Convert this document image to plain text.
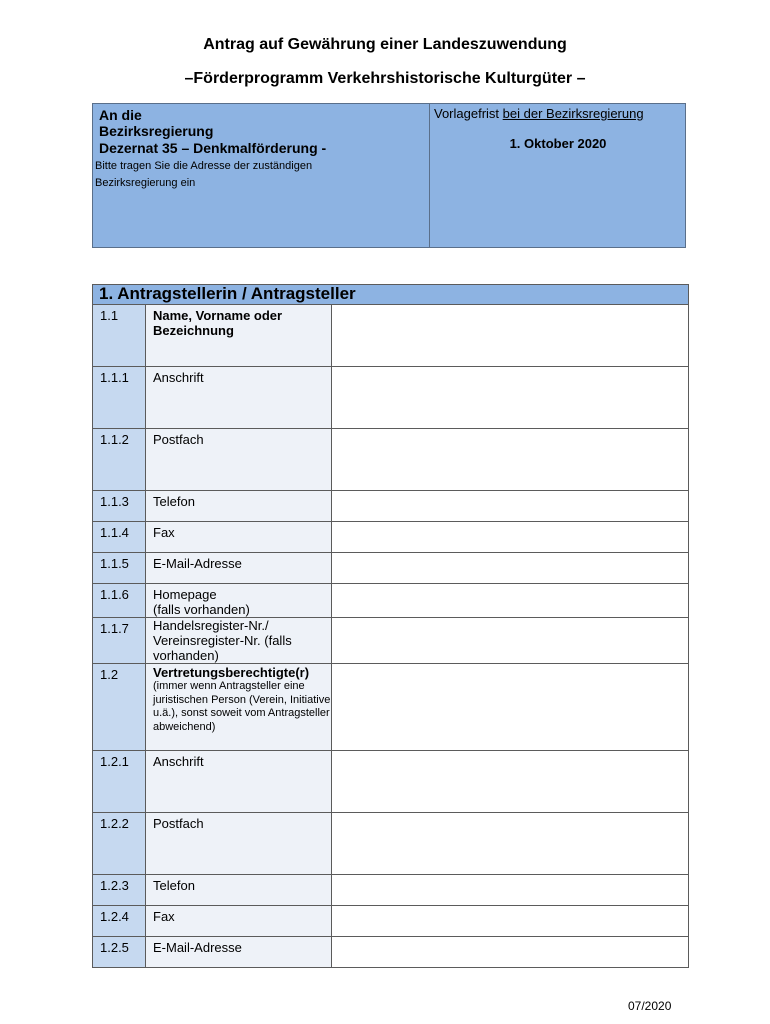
Antrag auf Gewährung einer Landeszuwendung
–Förderprogramm Verkehrshistorische Kulturgüter –
An die
Bezirksregierung
Dezernat 35 – Denkmalförderung -
Bitte tragen Sie die Adresse der zuständigen Bezirksregierung ein
Vorlagefrist bei der Bezirksregierung
1. Oktober 2020
1. Antragstellerin / Antragsteller		
1.1	Name, Vorname oder Bezeichnung	
1.1.1	Anschrift	
1.1.2	Postfach	
1.1.3	Telefon	
1.1.4	Fax	
1.1.5	E-Mail-Adresse	
1.1.6	Homepage
(falls vorhanden)	
1.1.7	Handelsregister-Nr./ Vereinsregister-Nr. (falls vorhanden)	
1.2	Vertretungsberechtigte(r)
(immer wenn Antragsteller eine juristischen Person (Verein, Initiative u.ä.), sonst soweit vom Antragsteller abweichend)	

1.2.1	Anschrift	
1.2.2	Postfach	
1.2.3	Telefon	
1.2.4	Fax	
1.2.5	E-Mail-Adresse	
07/2020
